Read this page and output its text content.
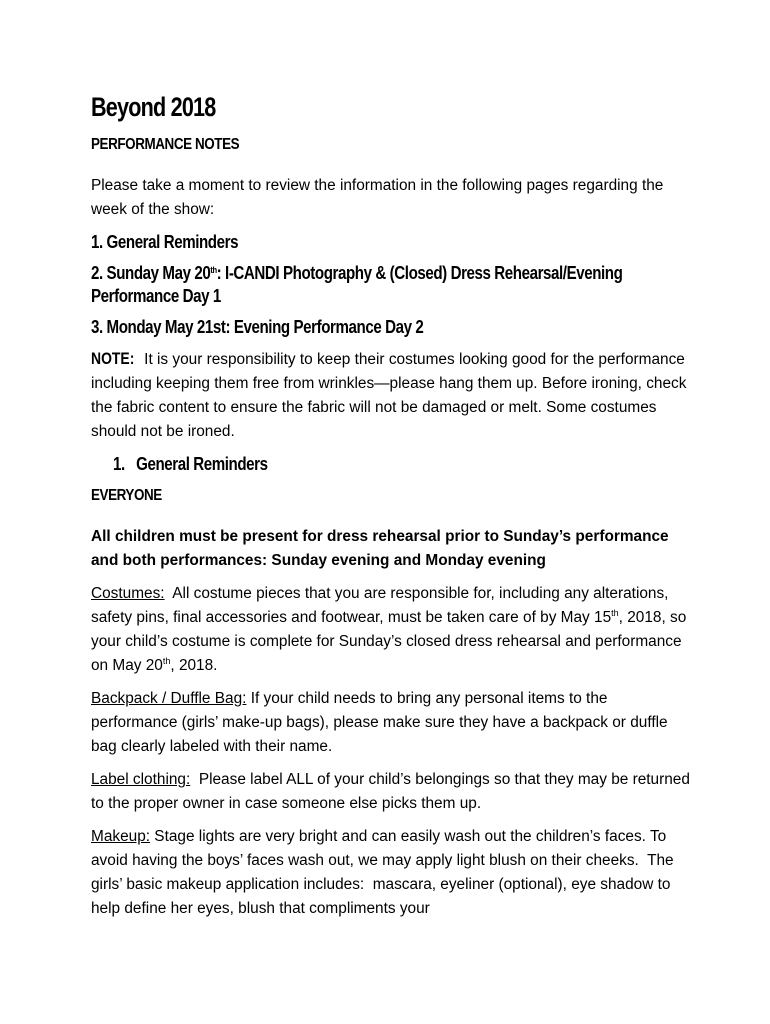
Beyond 2018
PERFORMANCE NOTES

Please take a moment to review the information in the following pages regarding the week of the show:

1. General Reminders
2. Sunday May 20th: I-CANDI Photography & (Closed) Dress Rehearsal/Evening
Performance Day 1
3. Monday May 21st: Evening Performance Day 2

NOTE: It is your responsibility to keep their costumes looking good for the performance including keeping them free from wrinkles—please hang them up. Before ironing, check the fabric content to ensure the fabric will not be damaged or melt. Some costumes should not be ironed.

1.   General Reminders
EVERYONE

All children must be present for dress rehearsal prior to Sunday’s performance and both performances: Sunday evening and Monday evening

Costumes:  All costume pieces that you are responsible for, including any alterations, safety pins, final accessories and footwear, must be taken care of by May 15th, 2018, so your child’s costume is complete for Sunday’s closed dress rehearsal and performance on May 20th, 2018.

Backpack / Duffle Bag: If your child needs to bring any personal items to the performance (girls’ make-up bags), please make sure they have a backpack or duffle bag clearly labeled with their name.

Label clothing:  Please label ALL of your child’s belongings so that they may be returned to the proper owner in case someone else picks them up.

Makeup: Stage lights are very bright and can easily wash out the children’s faces. To avoid having the boys’ faces wash out, we may apply light blush on their cheeks.  The girls’ basic makeup application includes:  mascara, eyeliner (optional), eye shadow to help define her eyes, blush that compliments your
